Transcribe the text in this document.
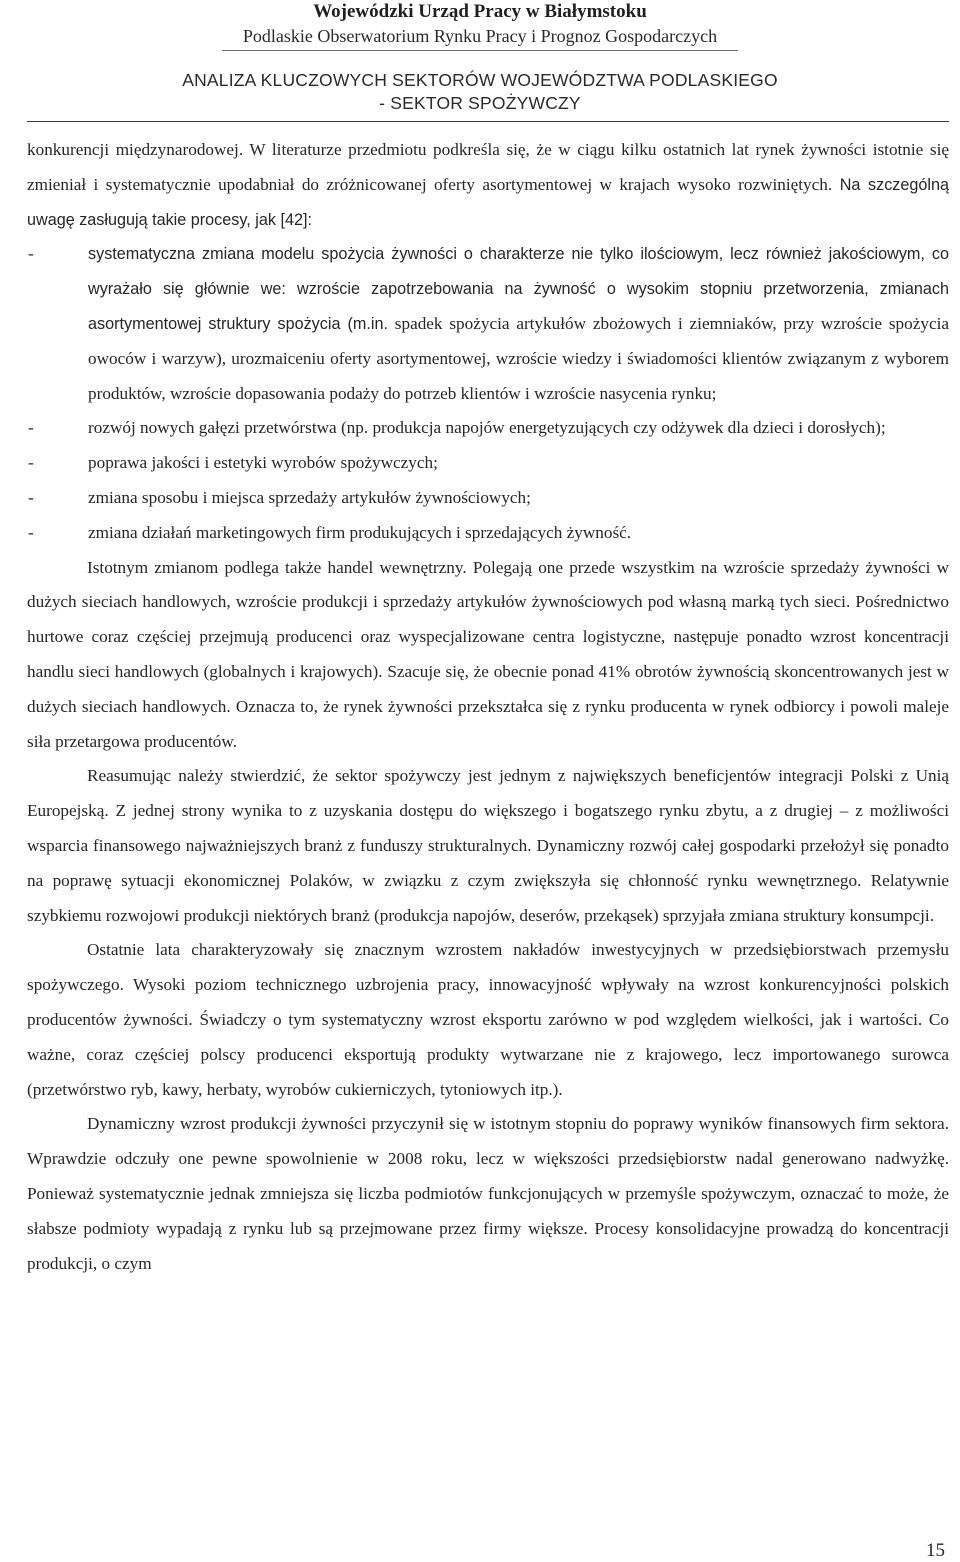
Wojewódzki Urząd Pracy w Białymstoku
Podlaskie Obserwatorium Rynku Pracy i Prognoz Gospodarczych
ANALIZA KLUCZOWYCH SEKTORÓW WOJEWÓDZTWA PODLASKIEGO
- SEKTOR SPOŻYWCZY

konkurencji międzynarodowej. W literaturze przedmiotu podkreśla się, że w ciągu kilku ostatnich lat rynek żywności istotnie się zmieniał i systematycznie upodabniał do zróżnicowanej oferty asortymentowej w krajach wysoko rozwiniętych. Na szczególną uwagę zasługują takie procesy, jak [42]:

-	systematyczna zmiana modelu spożycia żywności o charakterze nie tylko ilościowym, lecz również jakościowym, co wyrażało się głównie we: wzroście zapotrzebowania na żywność o wysokim stopniu przetworzenia, zmianach asortymentowej struktury spożycia (m.in. spadek spożycia artykułów zbożowych i ziemniaków, przy wzroście spożycia owoców i warzyw), urozmaiceniu oferty asortymentowej, wzroście wiedzy i świadomości klientów związanym z wyborem produktów, wzroście dopasowania podaży do potrzeb klientów i wzroście nasycenia rynku;
-	rozwój nowych gałęzi przetwórstwa (np. produkcja napojów energetyzujących czy odżywek dla dzieci i dorosłych);
-	poprawa jakości i estetyki wyrobów spożywczych;
-	zmiana sposobu i miejsca sprzedaży artykułów żywnościowych;
-	zmiana działań marketingowych firm produkujących i sprzedających żywność.

Istotnym zmianom podlega także handel wewnętrzny. Polegają one przede wszystkim na wzroście sprzedaży żywności w dużych sieciach handlowych, wzroście produkcji i sprzedaży artykułów żywnościowych pod własną marką tych sieci. Pośrednictwo hurtowe coraz częściej przejmują producenci oraz wyspecjalizowane centra logistyczne, następuje ponadto wzrost koncentracji handlu sieci handlowych (globalnych i krajowych). Szacuje się, że obecnie ponad 41% obrotów żywnością skoncentrowanych jest w dużych sieciach handlowych. Oznacza to, że rynek żywności przekształca się z rynku producenta w rynek odbiorcy i powoli maleje siła przetargowa producentów.

Reasumując należy stwierdzić, że sektor spożywczy jest jednym z największych beneficjentów integracji Polski z Unią Europejską. Z jednej strony wynika to z uzyskania dostępu do większego i bogatszego rynku zbytu, a z drugiej – z możliwości wsparcia finansowego najważniejszych branż z funduszy strukturalnych. Dynamiczny rozwój całej gospodarki przełożył się ponadto na poprawę sytuacji ekonomicznej Polaków, w związku z czym zwiększyła się chłonność rynku wewnętrznego. Relatywnie szybkiemu rozwojowi produkcji niektórych branż (produkcja napojów, deserów, przekąsek) sprzyjała zmiana struktury konsumpcji.

Ostatnie lata charakteryzowały się znacznym wzrostem nakładów inwestycyjnych w przedsiębiorstwach przemysłu spożywczego. Wysoki poziom technicznego uzbrojenia pracy, innowacyjność wpływały na wzrost konkurencyjności polskich producentów żywności. Świadczy o tym systematyczny wzrost eksportu zarówno w pod względem wielkości, jak i wartości. Co ważne, coraz częściej polscy producenci eksportują produkty wytwarzane nie z krajowego, lecz importowanego surowca (przetwórstwo ryb, kawy, herbaty, wyrobów cukierniczych, tytoniowych itp.).

Dynamiczny wzrost produkcji żywności przyczynił się w istotnym stopniu do poprawy wyników finansowych firm sektora. Wprawdzie odczuły one pewne spowolnienie w 2008 roku, lecz w większości przedsiębiorstw nadal generowano nadwyżkę. Ponieważ systematycznie jednak zmniejsza się liczba podmiotów funkcjonujących w przemyśle spożywczym, oznaczać to może, że słabsze podmioty wypadają z rynku lub są przejmowane przez firmy większe. Procesy konsolidacyjne prowadzą do koncentracji produkcji, o czym

15
